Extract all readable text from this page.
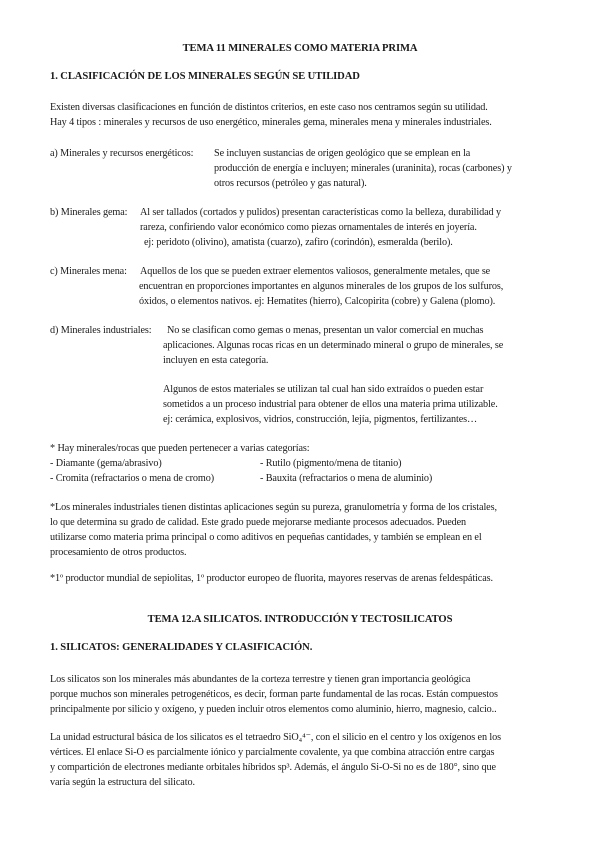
TEMA 11 MINERALES COMO MATERIA PRIMA
1. CLASIFICACIÓN DE LOS MINERALES SEGÚN SE UTILIDAD
Existen diversas clasificaciones en función de distintos criterios, en este caso nos centramos según su utilidad.
Hay 4 tipos : minerales y recursos de uso energético, minerales gema, minerales mena y minerales industriales.
a) Minerales y recursos energéticos: Se incluyen sustancias de origen geológico que se emplean en la
producción de energía e incluyen; minerales (uraninita), rocas (carbones) y
otros recursos (petróleo y gas natural).
b) Minerales gema: Al ser tallados (cortados y pulidos) presentan características como la belleza, durabilidad y
rareza, confiriendo valor económico como piezas ornamentales de interés en joyería.
ej: peridoto (olivino), amatista (cuarzo), zafiro (corindón), esmeralda (berilo).
c) Minerales mena: Aquellos de los que se pueden extraer elementos valiosos, generalmente metales, que se
encuentran en proporciones importantes en algunos minerales de los grupos de los sulfuros,
óxidos, o elementos nativos. ej: Hematites (hierro), Calcopirita (cobre) y Galena (plomo).
d) Minerales industriales: No se clasifican como gemas o menas, presentan un valor comercial en muchas
aplicaciones. Algunas rocas ricas en un determinado mineral o grupo de minerales, se
incluyen en esta categoría.
Algunos de estos materiales se utilizan tal cual han sido extraídos o pueden estar
sometidos a un proceso industrial para obtener de ellos una materia prima utilizable.
ej: cerámica, explosivos, vidrios, construcción, lejía, pigmentos, fertilizantes…
* Hay minerales/rocas que pueden pertenecer a varias categorías:
- Diamante (gema/abrasivo)	- Rutilo (pigmento/mena de titanio)
- Cromita (refractarios o mena de cromo)	- Bauxita (refractarios o mena de aluminio)
*Los minerales industriales tienen distintas aplicaciones según su pureza, granulometría y forma de los cristales,
lo que determina su grado de calidad. Este grado puede mejorarse mediante procesos adecuados. Pueden
utilizarse como materia prima principal o como aditivos en pequeñas cantidades, y también se emplean en el
procesamiento de otros productos.
*1º productor mundial de sepiolitas, 1º productor europeo de fluorita, mayores reservas de arenas feldespáticas.
TEMA 12.A SILICATOS. INTRODUCCIÓN Y TECTOSILICATOS
1. SILICATOS: GENERALIDADES Y CLASIFICACIÓN.
Los silicatos son los minerales más abundantes de la corteza terrestre y tienen gran importancia geológica
porque muchos son minerales petrogenéticos, es decir, forman parte fundamental de las rocas. Están compuestos
principalmente por silicio y oxígeno, y pueden incluir otros elementos como aluminio, hierro, magnesio, calcio..
La unidad estructural básica de los silicatos es el tetraedro SiO₄⁴⁻, con el silicio en el centro y los oxígenos en los
vértices. El enlace Si-O es parcialmente iónico y parcialmente covalente, ya que combina atracción entre cargas
y compartición de electrones mediante orbitales híbridos sp³. Además, el ángulo Si-O-Si no es de 180°, sino que
varía según la estructura del silicato.
